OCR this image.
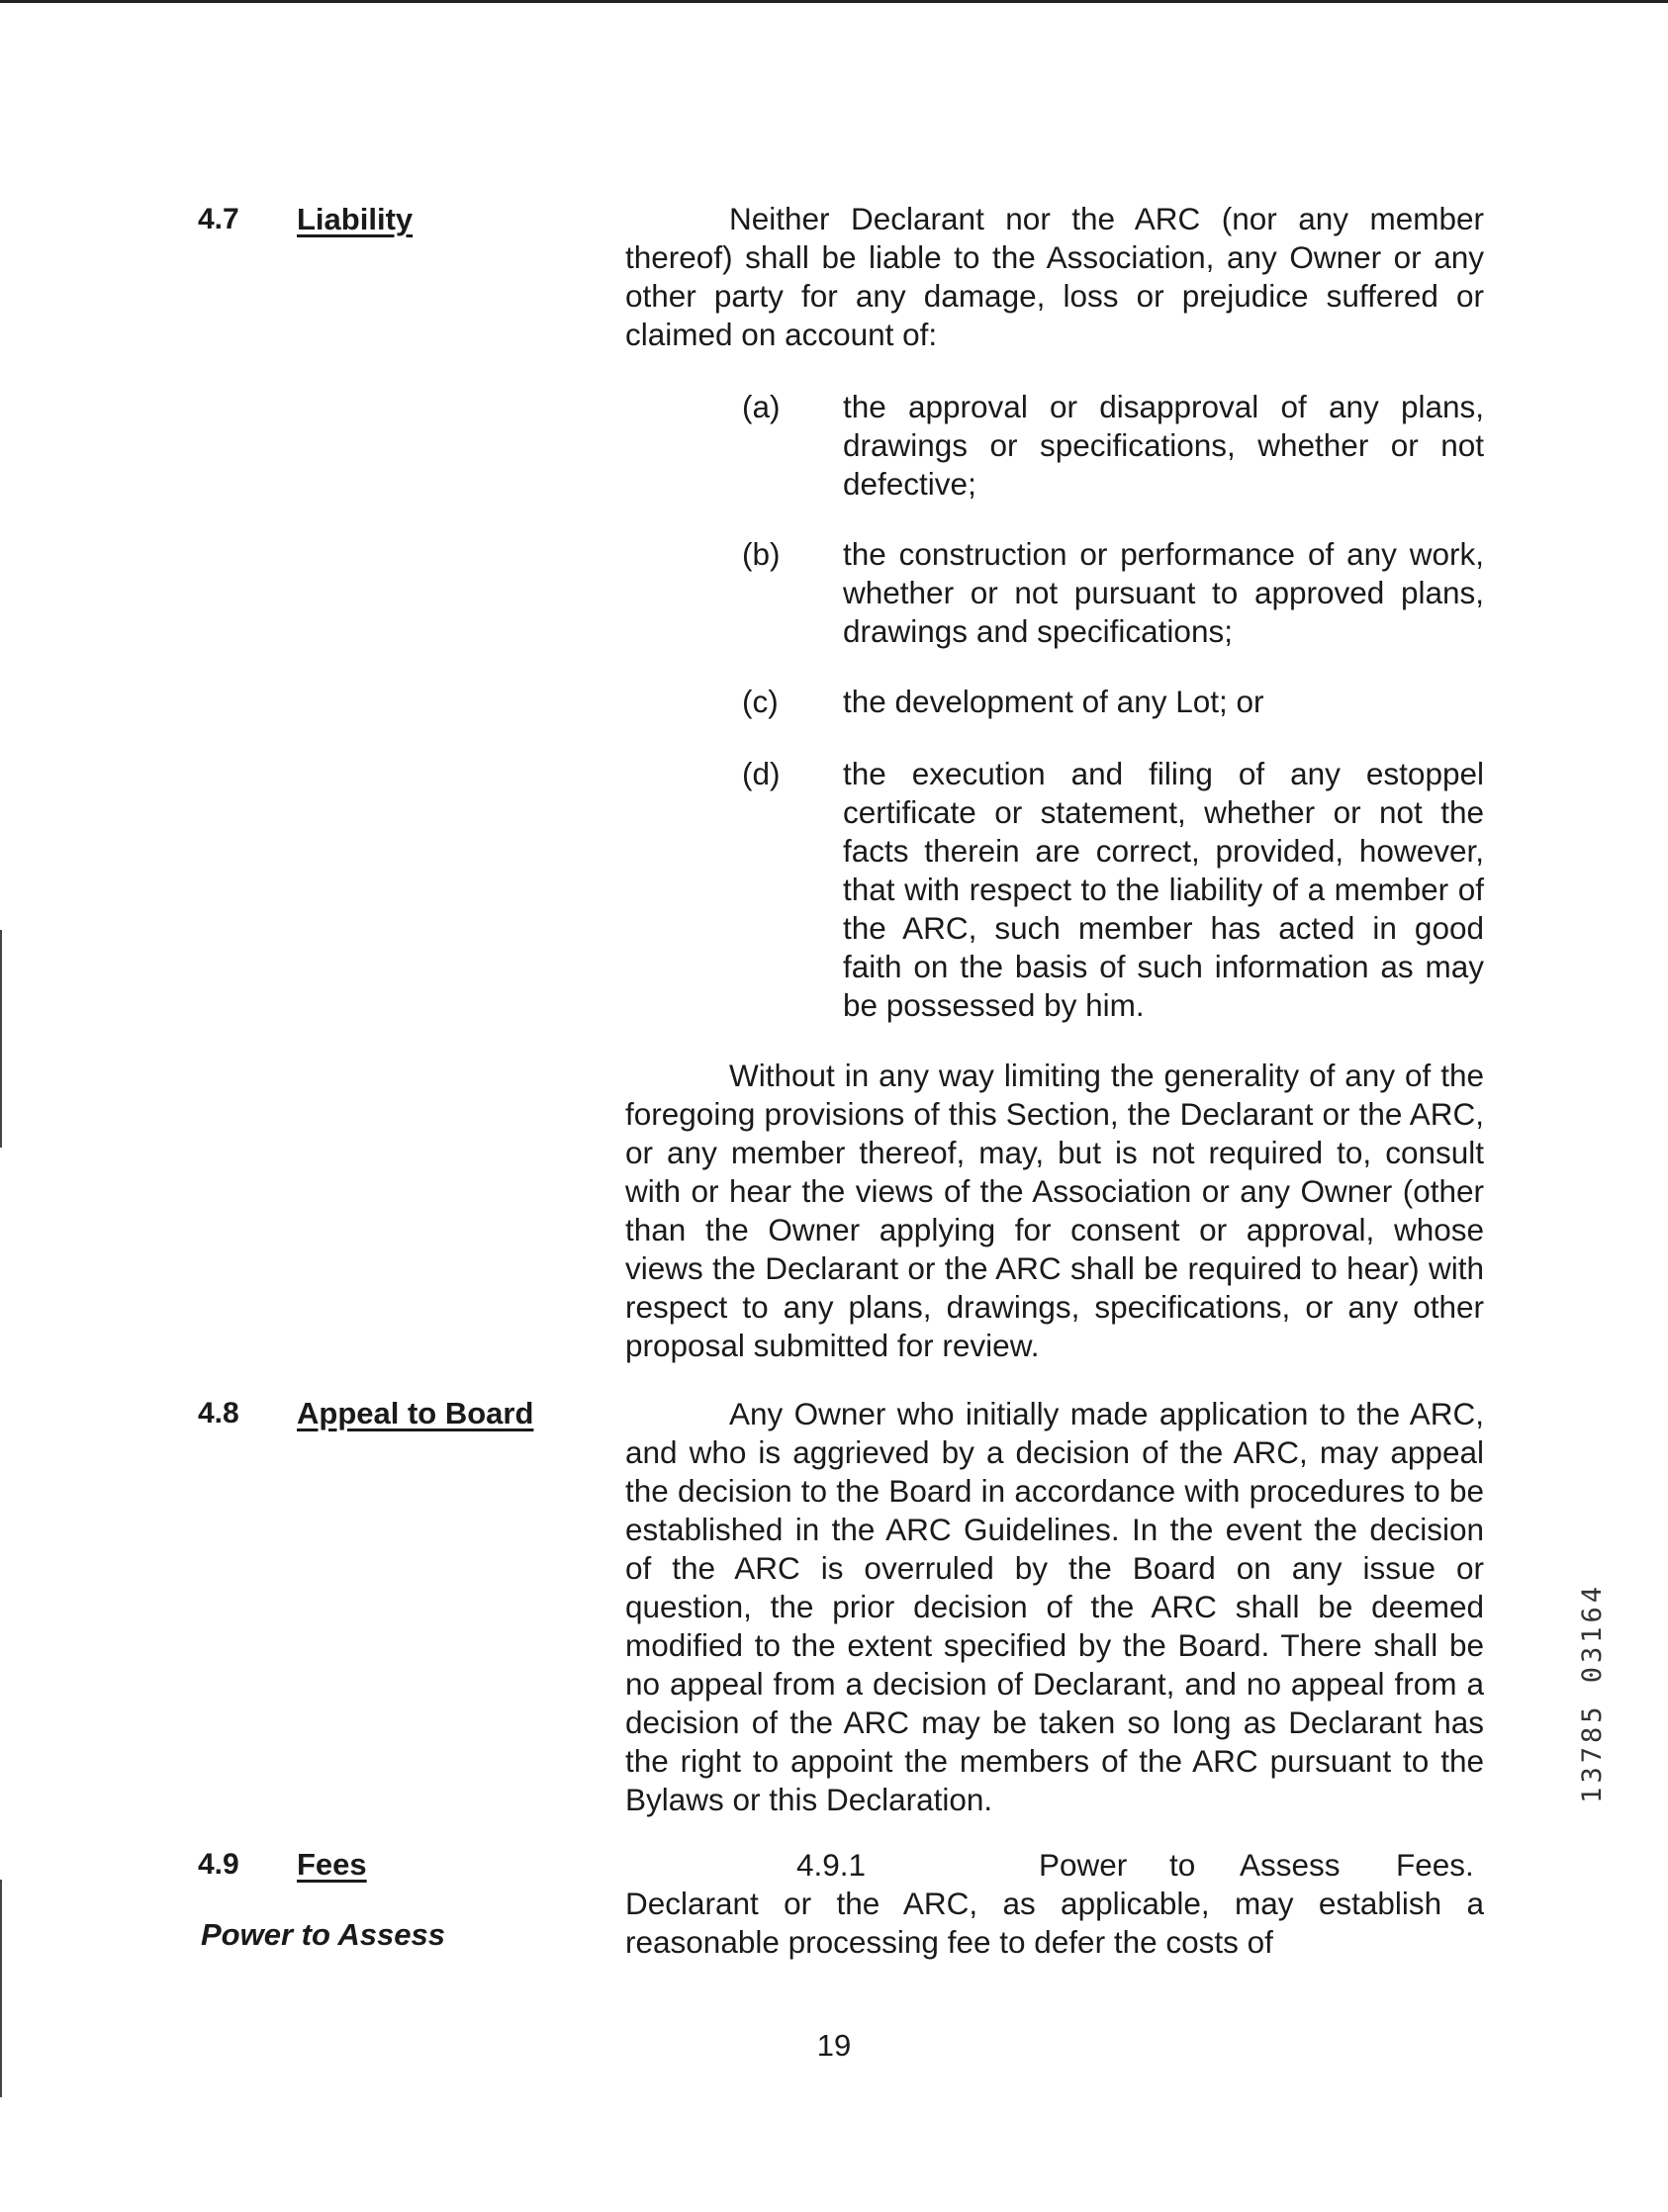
4.7 Liability	Neither Declarant nor the ARC (nor any member thereof) shall be liable to the Association, any Owner or any other party for any damage, loss or prejudice suffered or claimed on account of:

(a) the approval or disapproval of any plans, drawings or specifications, whether or not defective;

(b) the construction or performance of any work, whether or not pursuant to approved plans, drawings and specifications;

(c) the development of any Lot; or

(d) the execution and filing of any estoppel certificate or statement, whether or not the facts therein are correct, provided, however, that with respect to the liability of a member of the ARC, such member has acted in good faith on the basis of such information as may be possessed by him.

Without in any way limiting the generality of any of the foregoing provisions of this Section, the Declarant or the ARC, or any member thereof, may, but is not required to, consult with or hear the views of the Association or any Owner (other than the Owner applying for consent or approval, whose views the Declarant or the ARC shall be required to hear) with respect to any plans, drawings, specifications, or any other proposal submitted for review.

4.8 Appeal to Board	Any Owner who initially made application to the ARC, and who is aggrieved by a decision of the ARC, may appeal the decision to the Board in accordance with procedures to be established in the ARC Guidelines. In the event the decision of the ARC is overruled by the Board on any issue or question, the prior decision of the ARC shall be deemed modified to the extent specified by the Board. There shall be no appeal from a decision of Declarant, and no appeal from a decision of the ARC may be taken so long as Declarant has the right to appoint the members of the ARC pursuant to the Bylaws or this Declaration.

4.9 Fees
Power to Assess
4.9.1	Power to Assess Fees.

Declarant or the ARC, as applicable, may establish a reasonable processing fee to defer the costs of

19
13785 03164
